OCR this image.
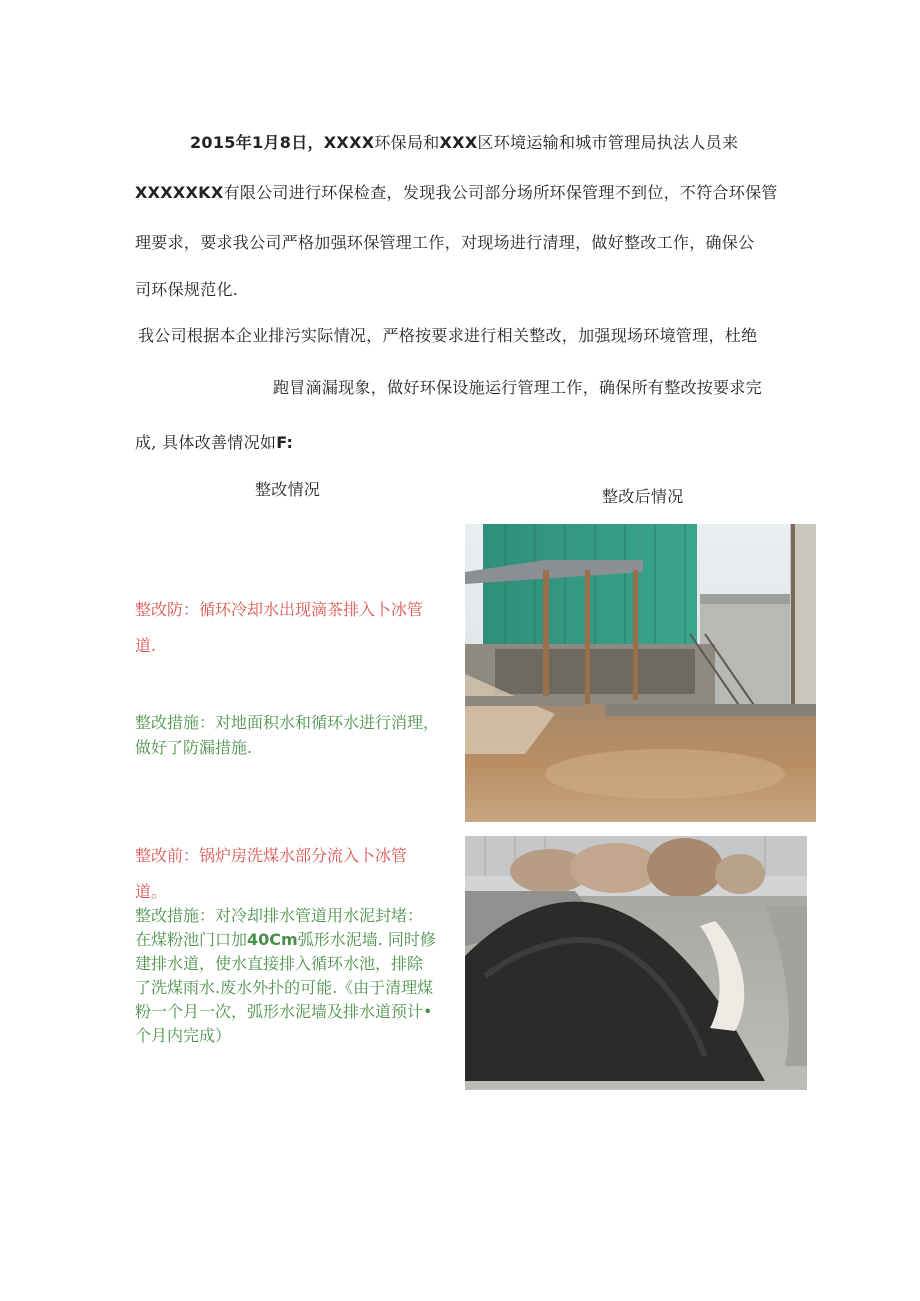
2015年1月8日，XXXX环保局和XXX区环境运输和城市管理局执法人员来
XXXXXKX有限公司进行环保检查，发现我公司部分场所环保管理不到位，不符合环保管
理要求，要求我公司严格加强环保管理工作，对现场进行清理，做好整改工作，确保公
司环保规范化.
我公司根据本企业排污实际情况，严格按要求进行相关整改，加强现场环境管理，杜绝
跑冒滴漏现象，做好环保设施运行管理工作，确保所有整改按要求完
成, 具体改善情况如F:
整改情况	整改后情况
整改防：循环冷却水出现滴茶排入卜冰管
道.
整改措施：对地面积水和循环水进行消理，
做好了防漏措施.
整改前：锅炉房洗煤水部分流入卜冰管
道。
整改措施：对冷却排水管道用水泥封堵：
在煤粉池门口加40Cm弧形水泥墙. 同时修
建排水道，使水直接排入循环水池，排除
了洗煤雨水.废水外扑的可能.《由于清理煤
粉一个月一次，弧形水泥墙及排水道预计•
个月内完成）
